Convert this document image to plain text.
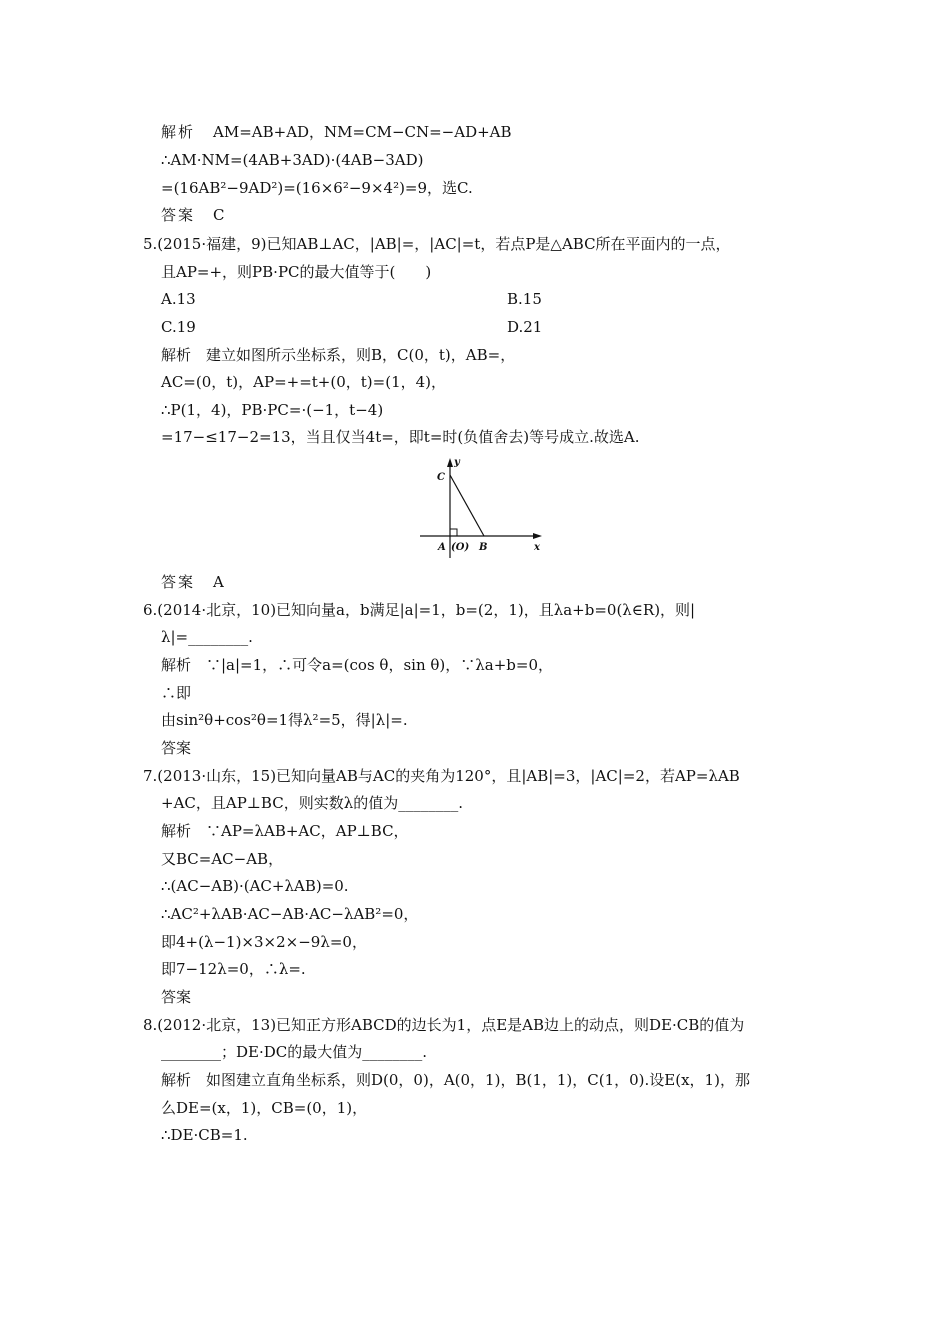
解析 AM=AB+AD，NM=CM−CN=−AD+AB
∴AM·NM=(4AB+3AD)·(4AB−3AD)
=(16AB²−9AD²)=(16×6²−9×4²)=9，选C.
答案 C
5.(2015·福建，9)已知AB⊥AC，|AB|=，|AC|=t，若点P是△ABC所在平面内的一点，
且AP=+，则PB·PC的最大值等于(　　)
A.13	B.15
C.19	D.21
解析　建立如图所示坐标系，则B，C(0，t)，AB=，
AC=(0，t)，AP=+=t+(0，t)=(1，4)，
∴P(1，4)，PB·PC=·(−1，t−4)
=17−≤17−2=13，当且仅当4t=，即t=时(负值舍去)等号成立.故选A.
y
x
C
A (O) B
答案 A
6.(2014·北京，10)已知向量a，b满足|a|=1，b=(2，1)，且λa+b=0(λ∈R)，则|
λ|=________.
解析　∵|a|=1，∴可令a=(cos θ，sin θ)，∵λa+b=0，
∴即
由sin²θ+cos²θ=1得λ²=5，得|λ|=.
答案
7.(2013·山东，15)已知向量AB与AC的夹角为120°，且|AB|=3，|AC|=2，若AP=λAB
+AC，且AP⊥BC，则实数λ的值为________.
解析　∵AP=λAB+AC，AP⊥BC，
又BC=AC−AB，
∴(AC−AB)·(AC+λAB)=0.
∴AC²+λAB·AC−AB·AC−λAB²=0，
即4+(λ−1)×3×2×−9λ=0，
即7−12λ=0，∴λ=.
答案
8.(2012·北京，13)已知正方形ABCD的边长为1，点E是AB边上的动点，则DE·CB的值为
________；DE·DC的最大值为________.
解析　如图建立直角坐标系，则D(0，0)，A(0，1)，B(1，1)，C(1，0).设E(x，1)，那
么DE=(x，1)，CB=(0，1)，
∴DE·CB=1.
